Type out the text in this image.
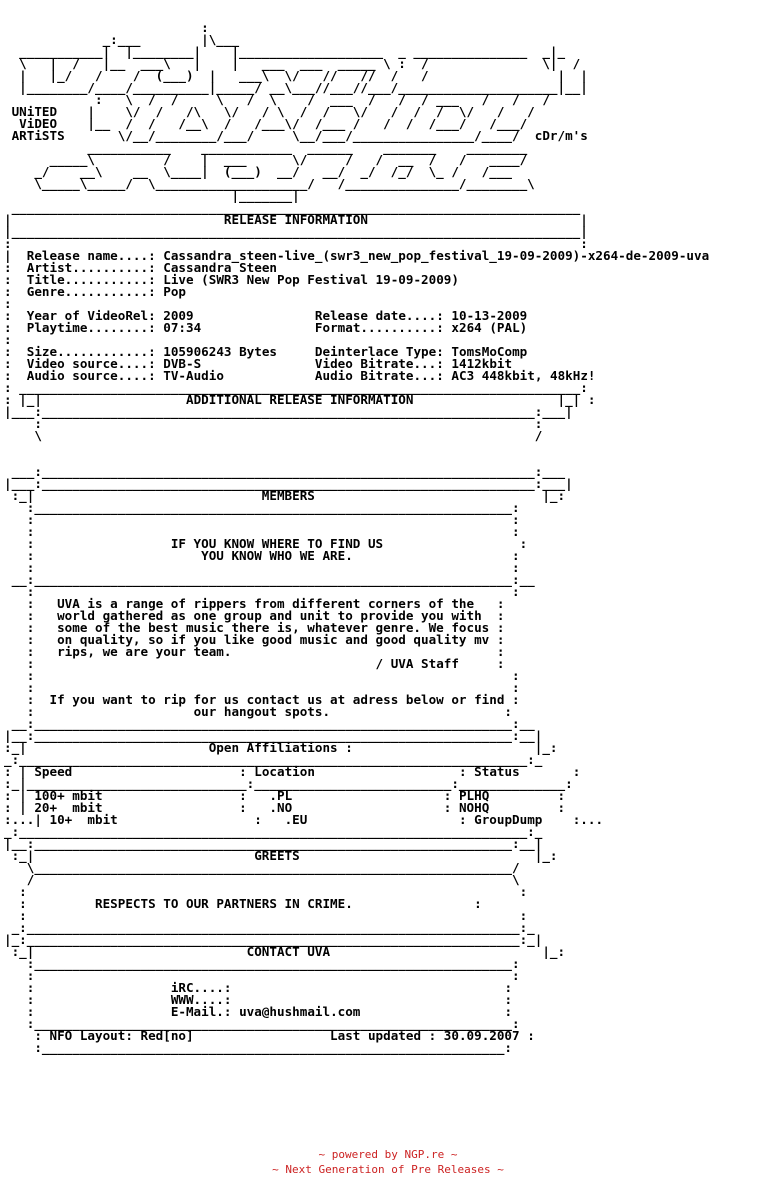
:
_:___        |\___
___________|  |________|    |___________________  _ _______________  _|_
\   |  /   |__  ___\   |    |   ___  ___  _____ \ :  /               \|  /
|   |_/   /    /  (___)  |   ___\  \/   //   //  /   /                 |  |
|________/____/__________|_____/ __\___//___//___/_____________________|__|
:   \  /  /     \   /  \    /  ___  /   /  / ___   /   /   /
UNiTED    |    \/  /   /\   \/   / \  /  /   \/   /  /  /  \/   /   /
ViDEO    |__  /  /   /__\  /   /___\/  /___ /   /  /  /___/   /___/
ARTiSTS       \/__/________/___/     \__/___/________________/____/  cDr/m's
___________    ____________  ______    _______    ________
_____\         /    |  ___      \/     /   /  __  /   /   ____/
_/    __\    __  \____|  (___)  __/   __/  _/  /_/  \_ /   /___
\_____\_____/  \____________________/   /_______________/________\
|_______|
___________________________________________________________________________
|	RELEASE INFORMATION	|
|___________________________________________________________________________|
:                                                                           :
|  Release name....: Cassandra_steen-live_(swr3_new_pop_festival_19-09-2009)-x264-de-2009-uva
:  Artist..........: Cassandra Steen
:  Title...........: Live (SWR3 New Pop Festival 19-09-2009)
:  Genre...........: Pop
:
:  Year of VideoRel: 2009	Release date....: 10-13-2009
:  Playtime........: 07:34	Format..........: x264 (PAL)
:
:  Size............: 105906243 Bytes	Deinterlace Type: TomsMoComp
:  Video source....: DVB-S	Video Bitrate...: 1412kbit
:  Audio source....: TV-Audio	Audio Bitrate...: AC3 448kbit, 48kHz!
: __________________________________________________________________________:
: |_|	ADDITIONAL RELEASE INFORMATION	|_| :
|___:_________________________________________________________________:___|
:                                                                 :
\                                                                 /

___:_________________________________________________________________:___
|___:_________________________________________________________________:___|
:_|	MEMBERS	|_:
:_______________________________________________________________:
:                                                               :
:                                                               :
:	IF YOU KNOW WHERE TO FIND US	:
:	YOU KNOW WHO WE ARE.	:
:                                                               :
__:_______________________________________________________________:__
:                                                               :
:   UVA is a range of rippers from different corners of the   :
:   world gathered as one group and unit to provide you with  :
:   some of the best music there is, whatever genre. We focus :
:   on quality, so if you like good music and good quality mv :
:   rips, we are your team.	:
:	/ UVA Staff	:
:                                                               :
:                                                               :
:  If you want to rip for us contact us at adress below or find :
:	our hangout spots.	:
__:_______________________________________________________________:__
|__:_______________________________________________________________:__|
:_|	Open Affiliations :	|_:
_:___________________________________________________________________:_
: | Speed                      : Location                   : Status	:
:_|_____________________________:__________________________:______________:
: | 100+ mbit                  :   .PL                    : PLHQ	:
: | 20+  mbit                  :   .NO                    : NOHQ	:
:...| 10+  mbit                  :   .EU                    : GroupDump    :...
_:___________________________________________________________________:_
|__:_______________________________________________________________:__|
:_|	GREETS	|_:
\_______________________________________________________________/
/                                                               \
:                                                                 :
:	RESPECTS TO OUR PARTNERS IN CRIME.	:
:                                                                 :
_:_________________________________________________________________:_
|_:_________________________________________________________________:_|
:_|	CONTACT UVA	|_:
:_______________________________________________________________:
:                                                               :
:	iRC....:	:
:	WWW....:	:
:	E-Mail.: uva@hushmail.com	:
:_______________________________________________________________:
: NFO Layout: Red[no]	Last updated : 30.09.2007 :
:_____________________________________________________________:
~ powered by NGP.re ~
~ Next Generation of Pre Releases ~
